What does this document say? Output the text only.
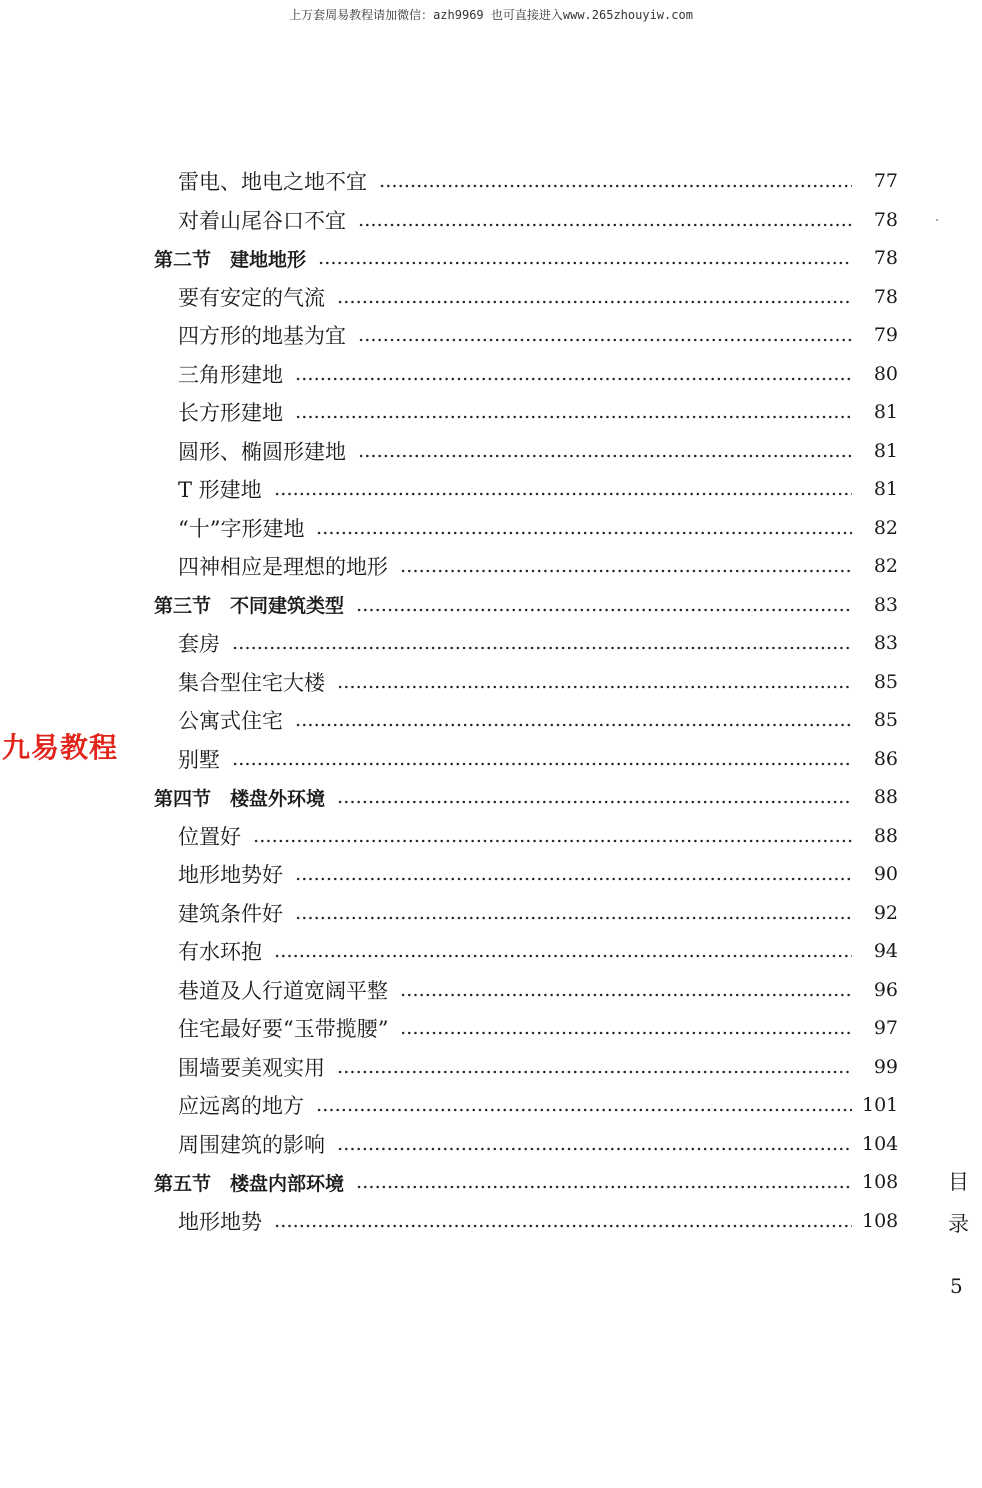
上万套周易教程请加微信：azh9969 也可直接进入www.265zhouyiw.com
九易教程
雷电、地电之地不宜	77
对着山尾谷口不宜	78
第二节　建地地形	78
要有安定的气流	78
四方形的地基为宜	79
三角形建地	80
长方形建地	81
圆形、椭圆形建地	81
T 形建地	81
“十”字形建地	82
四神相应是理想的地形	82
第三节　不同建筑类型	83
套房	83
集合型住宅大楼	85
公寓式住宅	85
别墅	86
第四节　楼盘外环境	88
位置好	88
地形地势好	90
建筑条件好	92
有水环抱	94
巷道及人行道宽阔平整	96
住宅最好要“玉带揽腰”	97
围墙要美观实用	99
应远离的地方	101
周围建筑的影响	104
第五节　楼盘内部环境	108
地形地势	108
目
录
5
